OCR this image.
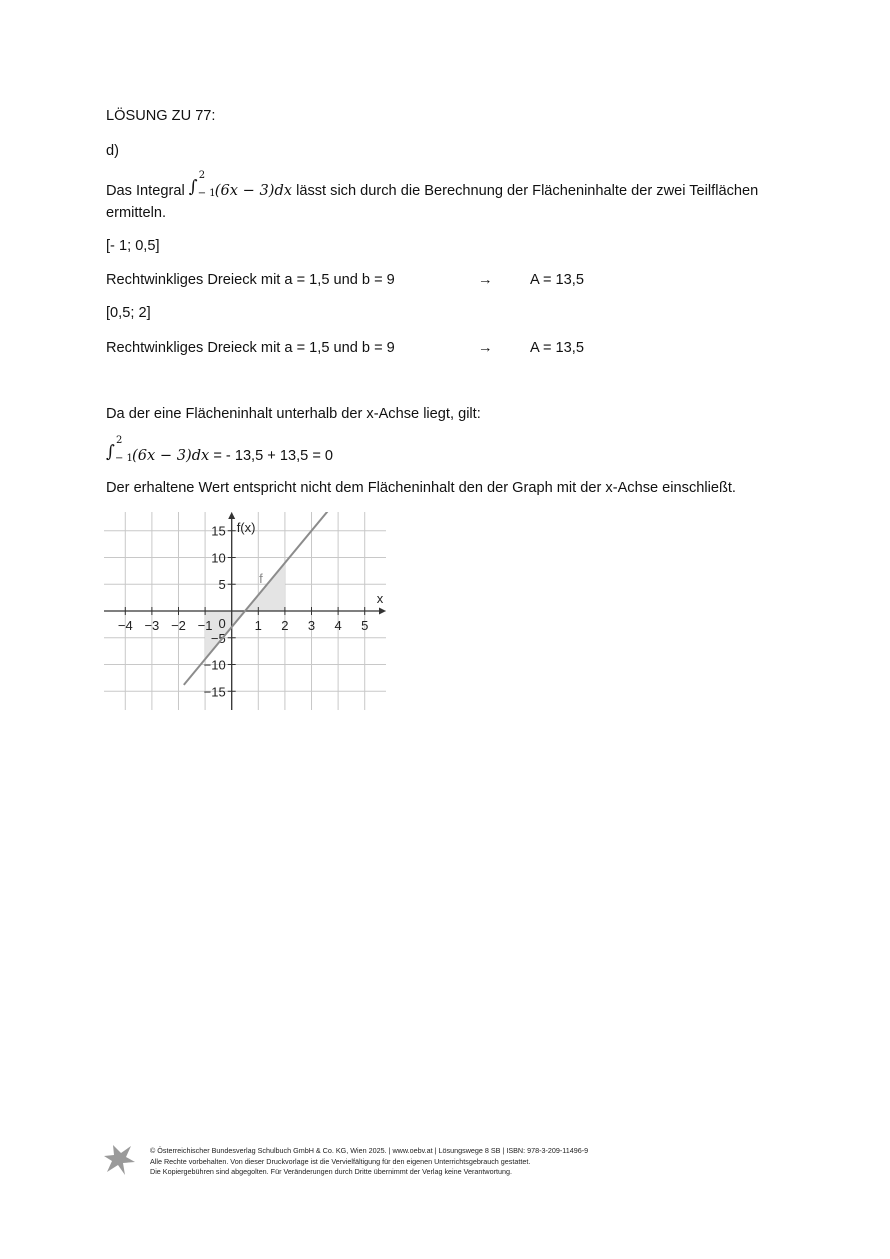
LÖSUNG ZU 77:
d)
Das Integral ∫
2
− 1 (6x − 3)dx lässt sich durch die Berechnung der Flächeninhalte der zwei Teilflächen
ermitteln.
[- 1; 0,5]
Rechtwinkliges Dreieck mit a = 1,5 und b = 9	→	A = 13,5
[0,5; 2]
Rechtwinkliges Dreieck mit a = 1,5 und b = 9	→	A = 13,5
Da der eine Flächeninhalt unterhalb der x-Achse liegt, gilt:
∫
2
− 1 (6x − 3)dx = - 13,5 + 13,5 = 0
Der erhaltene Wert entspricht nicht dem Flächeninhalt den der Graph mit der x-Achse einschließt.
−4 −3 −2 −1	1 2 3 4 5
−15
−10
−5
5
10
15
0
x
f(x)
f
© Österreichischer Bundesverlag Schulbuch GmbH & Co. KG, Wien 2025. | www.oebv.at | Lösungswege 8 SB | ISBN: 978-3-209-11496-9
Alle Rechte vorbehalten. Von dieser Druckvorlage ist die Vervielfältigung für den eigenen Unterrichtsgebrauch gestattet.
Die Kopiergebühren sind abgegolten. Für Veränderungen durch Dritte übernimmt der Verlag keine Verantwortung.
